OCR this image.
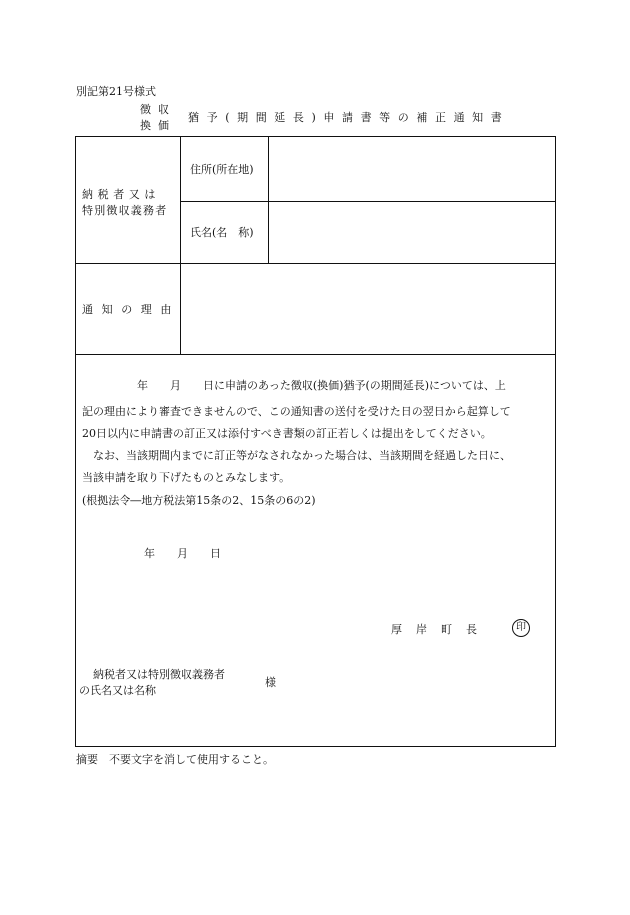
別記第21号様式
徴収
換価
猶予(期間延長)申請書等の補正通知書
納税者又は
特別徴収義務者
住所(所在地)
氏名(名　称)
通知の理由
　　　　　年　　月　　日に申請のあった徴収(換価)猶予(の期間延長)については、上
記の理由により審査できませんので、この通知書の送付を受けた日の翌日から起算して
20日以内に申請書の訂正又は添付すべき書類の訂正若しくは提出をしてください。
　なお、当該期間内までに訂正等がなされなかった場合は、当該期間を経過した日に、
当該申請を取り下げたものとみなします。
(根拠法令―地方税法第15条の2、15条の6の2)
年　　月　　日
厚岸町長	印
納税者又は特別徴収義務者
の氏名又は名称
様
摘要　不要文字を消して使用すること。
